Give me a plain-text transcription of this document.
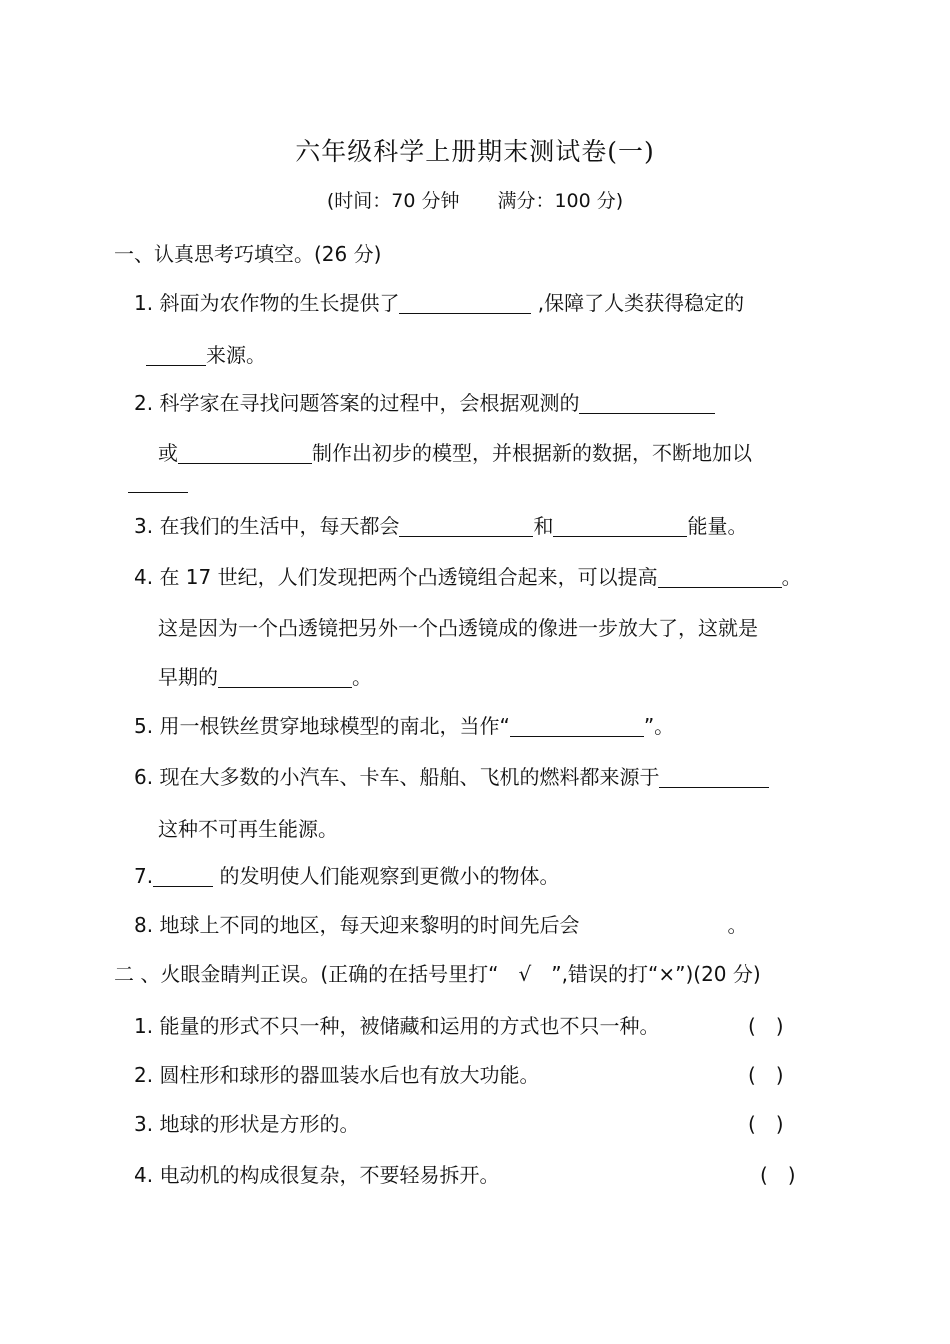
六年级科学上册期末测试卷(一)
(时间：70 分钟　　满分：100 分)
一、认真思考巧填空。(26 分)
1. 斜面为农作物的生长提供了	,保障了人类获得稳定的
来源。
2. 科学家在寻找问题答案的过程中，会根据观测的
或	制作出初步的模型，并根据新的数据，不断地加以
3. 在我们的生活中，每天都会	和	能量。
4. 在 17 世纪，人们发现把两个凸透镜组合起来，可以提高	。
这是因为一个凸透镜把另外一个凸透镜成的像进一步放大了，这就是
早期的	。
5. 用一根铁丝贯穿地球模型的南北，当作“	”。
6. 现在大多数的小汽车、卡车、船舶、飞机的燃料都来源于
这种不可再生能源。
7.	的发明使人们能观察到更微小的物体。
8. 地球上不同的地区，每天迎来黎明的时间先后会	。
二 、火眼金睛判正误。(正确的在括号里打“　√　”,错误的打“×”)(20 分)
1. 能量的形式不只一种，被储藏和运用的方式也不只一种。	(　)
2. 圆柱形和球形的器皿装水后也有放大功能。	(　)
3. 地球的形状是方形的。	(　)
4. 电动机的构成很复杂，不要轻易拆开。	(　)
